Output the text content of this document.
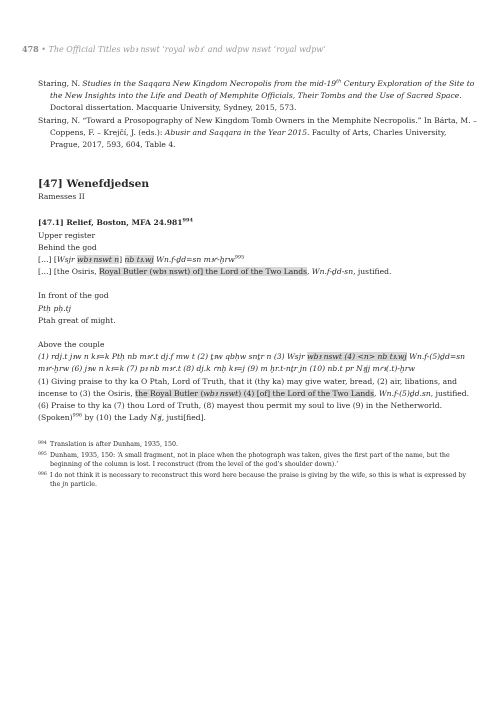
478 • The Official Titles wbꜣ nswt ‘royal wbꜣ’ and wdpw nswt ‘royal wdpw’

Staring, N. Studies in the Saqqara New Kingdom Necropolis from the mid-19th Century Exploration of the Site to the New Insights into the Life and Death of Memphite Officials, Their Tombs and the Use of Sacred Space. Doctoral dissertation. Macquarie University, Sydney, 2015, 573.

Staring, N. “Toward a Prosopography of New Kingdom Tomb Owners in the Memphite Necropolis.” In Bárta, M. – Coppens, F. – Krejčí, J. (eds.): Abusir and Saqqara in the Year 2015. Faculty of Arts, Charles University, Prague, 2017, 593, 604, Table 4.

[47] Wenefdjedsen

Ramesses II

[47.1] Relief, Boston, MFA 24.981$^{994}$

Upper register

Behind the god

[…] [Wsjr wbꜣ nswt n] nb tꜣ.wj Wn.f-ḏd=sn mꜣꜥ-ḫrw$^{995}$

[…] [the Osiris, Royal Butler (wbꜣ nswt) of] the Lord of the Two Lands, Wn.f-ḏd-sn, justified.

In front of the god

Ptḥ pḥ.tj

Ptah great of might.

Above the couple

(1) rdj.t jꜣw n kꜣ=k Ptḥ nb mꜣꜥ.t dj.f mw t (2) ṯꜣw qbḥw snṯr n (3) Wsjr wbꜣ nswt (4) <n> nb tꜣ.wj Wn.f-(5)ḏd=sn mꜣꜥ-ḫrw (6) jꜣw n kꜣ=k (7) pꜣ nb mꜣꜥ.t (8) dj.k ꜥnḫ kꜣ=j (9) m ḫr.t-nṯr jn (10) nb.t pr Nꜣjj mꜥꜣ(.t)-ḫrw

(1) Giving praise to thy ka O Ptah, Lord of Truth, that it (thy ka) may give water, bread, (2) air, libations, and incense to (3) the Osiris, the Royal Butler (wbꜣ nswt) (4) [of] the Lord of the Two Lands, Wn.f-(5)ḏd.sn, justified. (6) Praise to thy ka (7) thou Lord of Truth, (8) mayest thou permit my soul to live (9) in the Netherworld. (Spoken)$^{996}$ by (10) the Lady Nꜣj, justi[fied].

994 Translation is after Dunham, 1935, 150.

995 Dunham, 1935, 150: ‘A small fragment, not in place when the photograph was taken, gives the first part of the name, but the beginning of the column is lost. I reconstruct (from the level of the god’s shoulder down).’

996 I do not think it is necessary to reconstruct this word here because the praise is giving by the wife, so this is what is expressed by the jn particle.
